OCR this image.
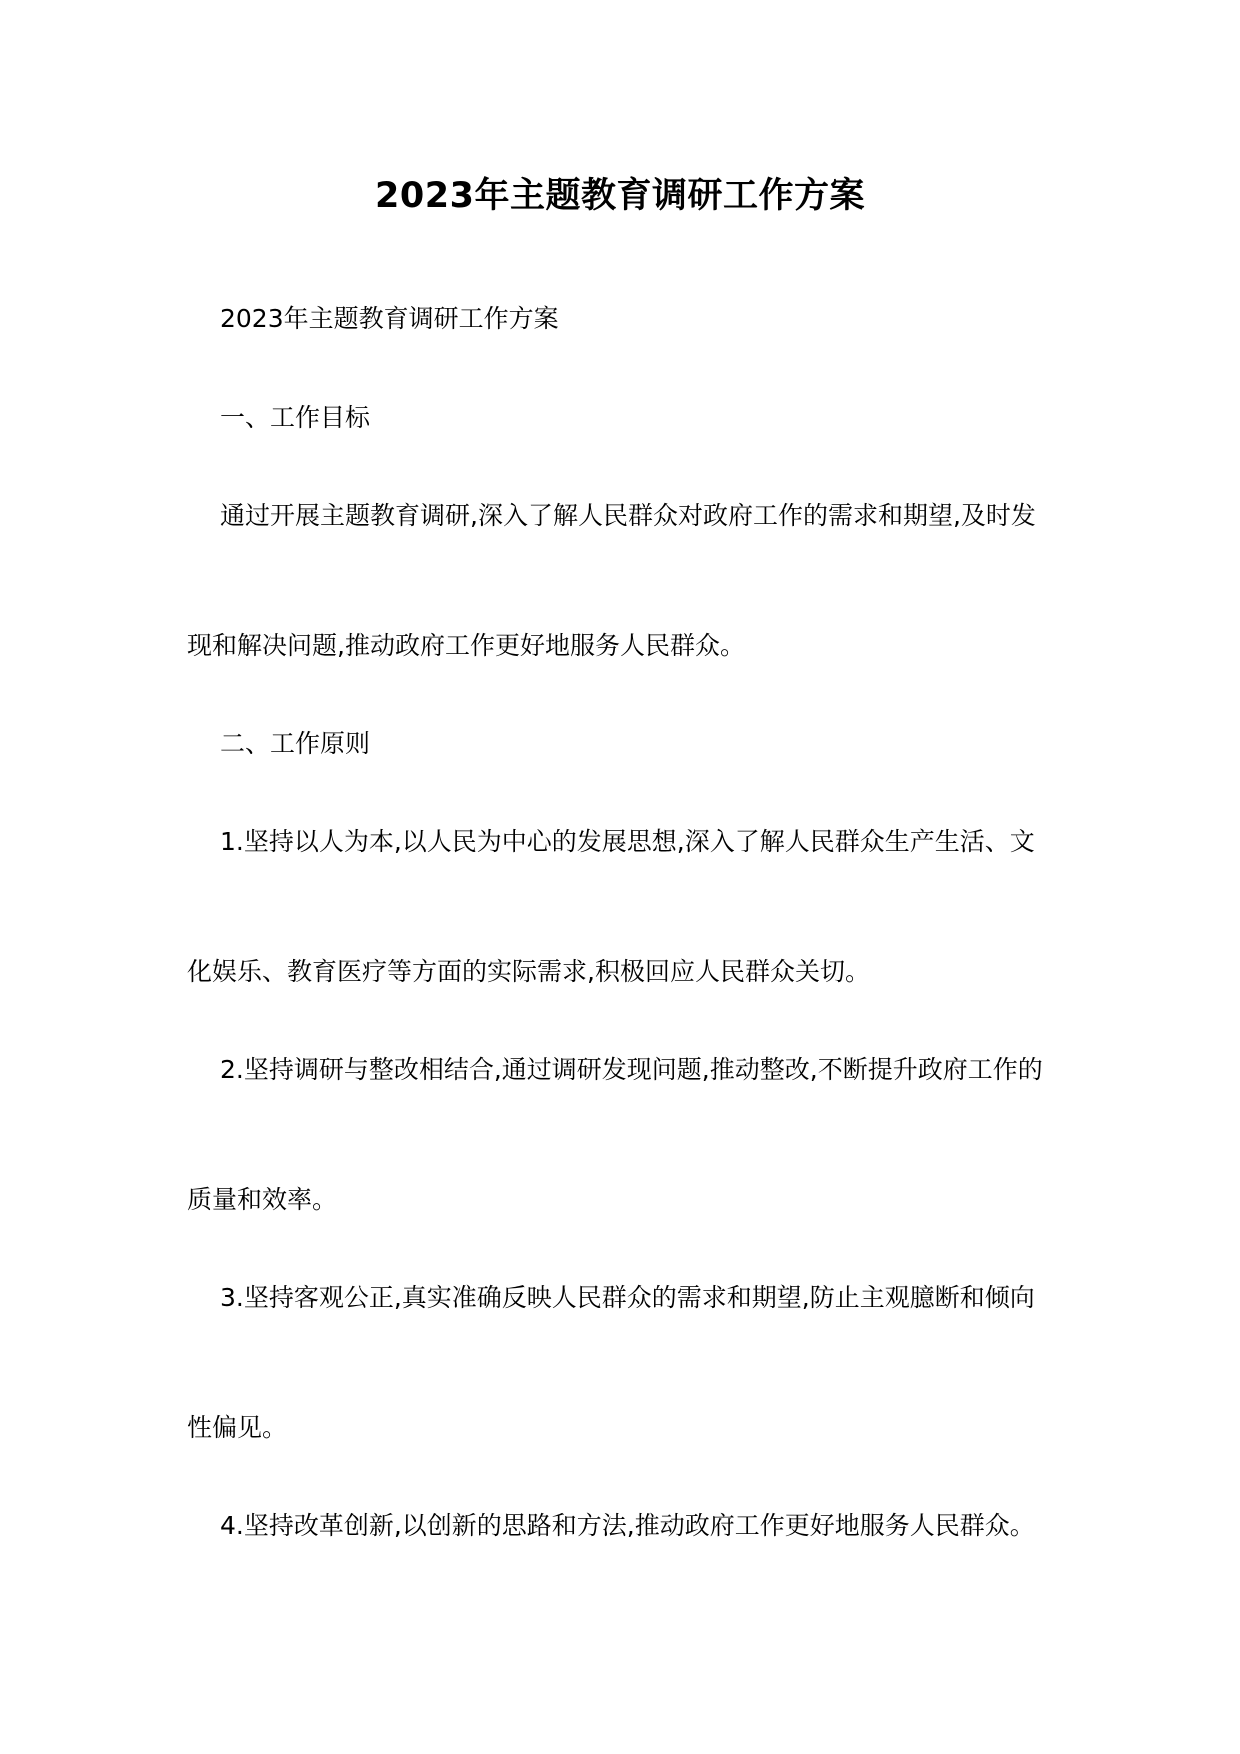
2023年主题教育调研工作方案
2023年主题教育调研工作方案
一、工作目标
通过开展主题教育调研,深入了解人民群众对政府工作的需求和期望,及时发
现和解决问题,推动政府工作更好地服务人民群众。
二、工作原则
1.坚持以人为本,以人民为中心的发展思想,深入了解人民群众生产生活、文
化娱乐、教育医疗等方面的实际需求,积极回应人民群众关切。
2.坚持调研与整改相结合,通过调研发现问题,推动整改,不断提升政府工作的
质量和效率。
3.坚持客观公正,真实准确反映人民群众的需求和期望,防止主观臆断和倾向
性偏见。
4.坚持改革创新,以创新的思路和方法,推动政府工作更好地服务人民群众。
